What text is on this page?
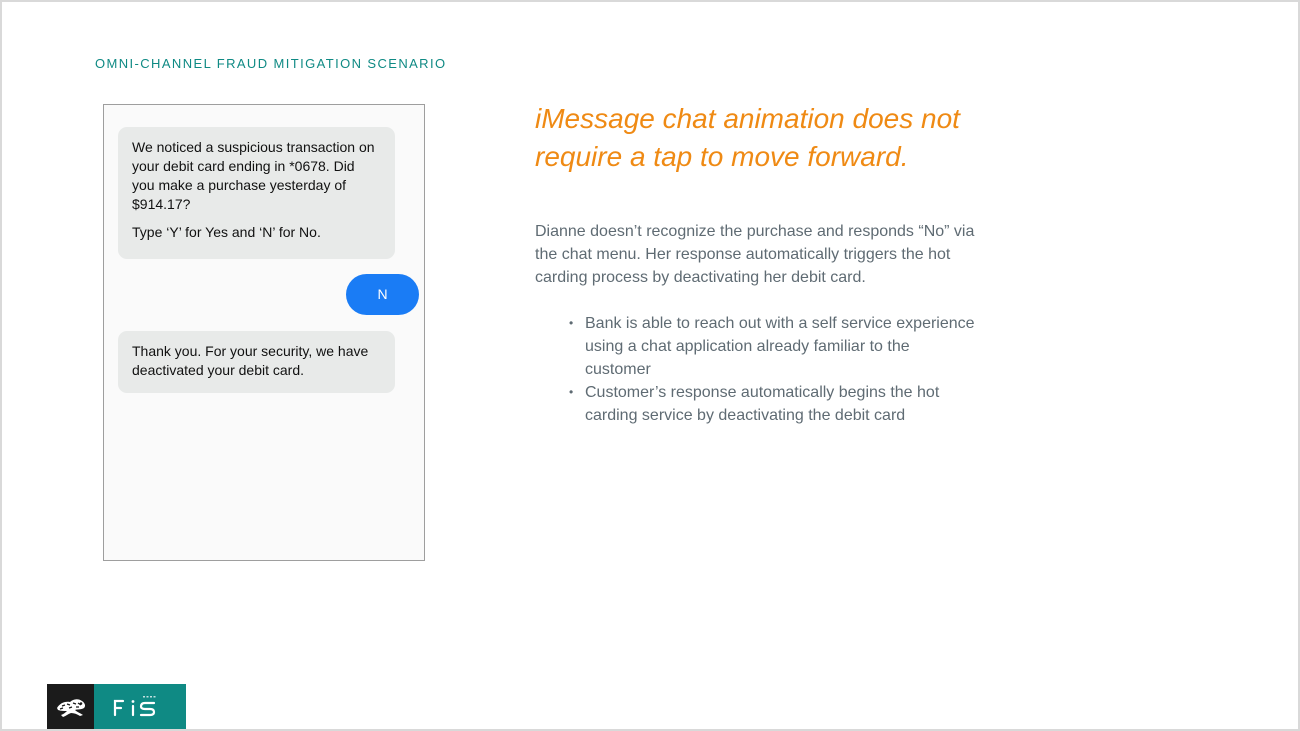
OMNI-CHANNEL FRAUD MITIGATION SCENARIO

We noticed a suspicious transaction on your debit card ending in *0678. Did you make a purchase yesterday of $914.17?

Type ‘Y’ for Yes and ‘N’ for No.

N
Thank you. For your security, we have deactivated your debit card.
iMessage chat animation does not require a tap to move forward.
Dianne doesn’t recognize the purchase and responds “No” via the chat menu. Her response automatically triggers the hot carding process by deactivating her debit card.
• Bank is able to reach out with a self service experience using a chat application already familiar to the customer
• Customer’s response automatically begins the hot carding service by deactivating the debit card
